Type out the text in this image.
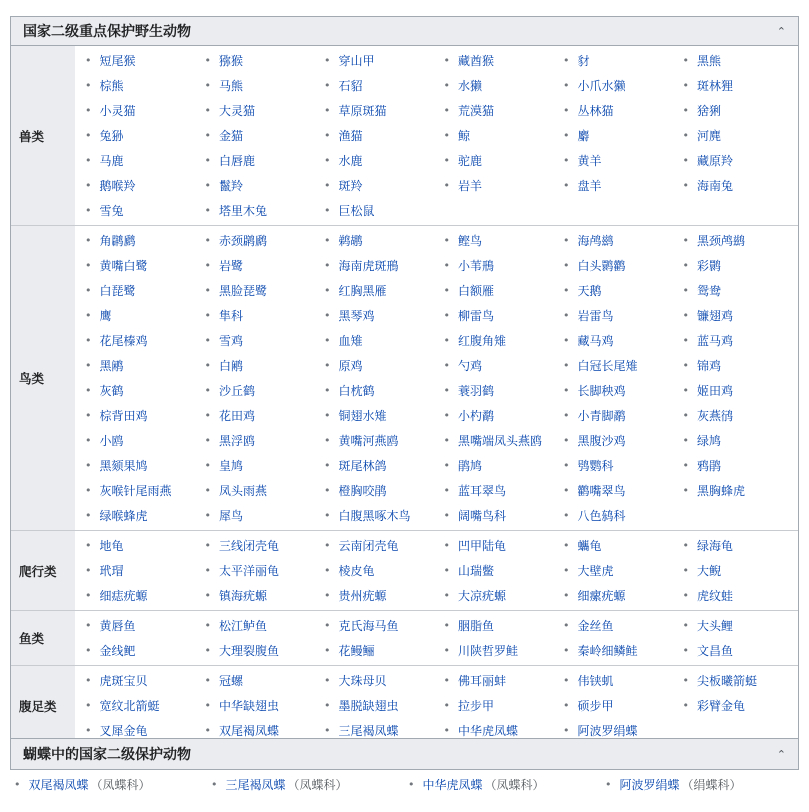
国家二级重点保护野生动物	⌃
兽类
• 短尾猴	• 猕猴	• 穿山甲	• 藏酋猴	• 豺	• 黑熊
• 棕熊	• 马熊	• 石貂	• 水獭	• 小爪水獭	• 斑林狸
• 小灵猫	• 大灵猫	• 草原斑猫	• 荒漠猫	• 丛林猫	• 猞猁
• 兔狲	• 金猫	• 渔猫	• 鲸	• 麝	• 河麂
• 马鹿	• 白唇鹿	• 水鹿	• 驼鹿	• 黄羊	• 藏原羚
• 鹅喉羚	• 鬣羚	• 斑羚	• 岩羊	• 盘羊	• 海南兔
• 雪兔	• 塔里木兔	• 巨松鼠
鸟类
• 角䴙䴘	• 赤颈䴙䴘	• 鹈鹕	• 鲣鸟	• 海鸬鹚	• 黑颈鸬鹚
• 黄嘴白鹭	• 岩鹭	• 海南虎斑鳽	• 小苇鳽	• 白头鹮鹳	• 彩鹮
• 白琵鹭	• 黑脸琵鹭	• 红胸黑雁	• 白额雁	• 天鹅	• 鸳鸯
• 鹰	• 隼科	• 黑琴鸡	• 柳雷鸟	• 岩雷鸟	• 镰翅鸡
• 花尾榛鸡	• 雪鸡	• 血雉	• 红腹角雉	• 藏马鸡	• 蓝马鸡
• 黑鹇	• 白鹇	• 原鸡	• 勺鸡	• 白冠长尾雉	• 锦鸡
• 灰鹤	• 沙丘鹤	• 白枕鹤	• 蓑羽鹤	• 长脚秧鸡	• 姬田鸡
• 棕背田鸡	• 花田鸡	• 铜翅水雉	• 小杓鹬	• 小青脚鹬	• 灰燕鸻
• 小鸥	• 黑浮鸥	• 黄嘴河燕鸥	• 黑嘴端凤头燕鸥 • 黑腹沙鸡	• 绿鸠
• 黑颏果鸠	• 皇鸠	• 斑尾林鸽	• 鹃鸠	• 鸮鹦科	• 鸦鹃
• 灰喉针尾雨燕	• 凤头雨燕	• 橙胸咬鹃	• 蓝耳翠鸟	• 鹳嘴翠鸟	• 黑胸蜂虎
• 绿喉蜂虎	• 犀鸟	• 白腹黑啄木鸟	• 阔嘴鸟科	• 八色鸫科
爬行类
• 地龟	• 三线闭壳龟	• 云南闭壳龟	• 凹甲陆龟	• 蠵龟	• 绿海龟
• 玳瑁	• 太平洋丽龟	• 棱皮龟	• 山瑞鳖	• 大壁虎	• 大鲵
• 细痣疣螈	• 镇海疣螈	• 贵州疣螈	• 大凉疣螈	• 细瘰疣螈	• 虎纹蛙
鱼类
• 黄唇鱼	• 松江鲈鱼	• 克氏海马鱼	• 胭脂鱼	• 金丝鱼	• 大头鲤
• 金线鲃	• 大理裂腹鱼	• 花鳗鲡	• 川陕哲罗鲑	• 秦岭细鳞鲑	• 文昌鱼
腹足类
• 虎斑宝贝	• 冠螺	• 大珠母贝	• 佛耳丽蚌	• 伟铗虮	• 尖板曦箭蜓
• 宽纹北箭蜓	• 中华缺翅虫	• 墨脱缺翅虫	• 拉步甲	• 硕步甲	• 彩臂金龟
• 叉犀金龟	• 双尾褐凤蝶	• 三尾褐凤蝶	• 中华虎凤蝶	• 阿波罗绢蝶
蝴蝶中的国家二级保护动物	⌃
• 双尾褐凤蝶 （凤蝶科）	• 三尾褐凤蝶 （凤蝶科）	• 中华虎凤蝶 （凤蝶科）	• 阿波罗绢蝶 （绢蝶科）
